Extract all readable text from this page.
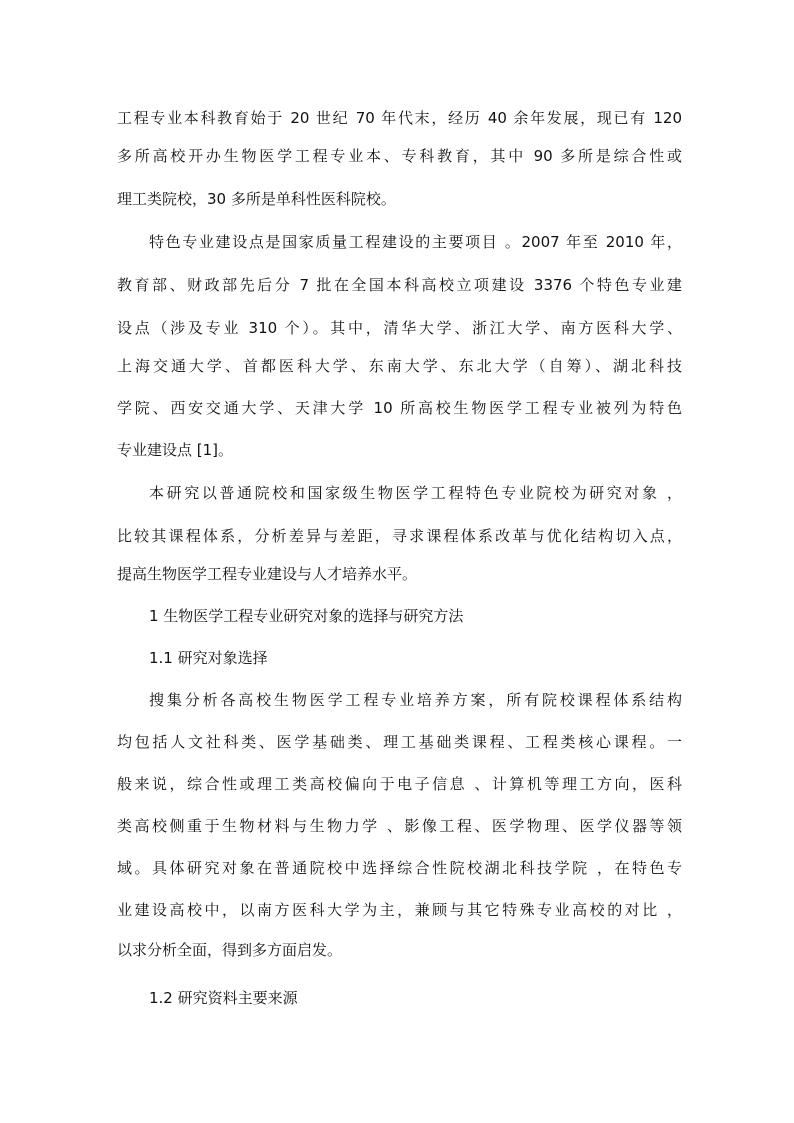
工程专业本科教育始于 20 世纪 70 年代末，经历 40 余年发展，现已有 120
多所高校开办生物医学工程专业本、专科教育，其中 90 多所是综合性或
理工类院校，30 多所是单科性医科院校。
特色专业建设点是国家质量工程建设的主要项目 。2007 年至 2010 年，
教育部、财政部先后分 7 批在全国本科高校立项建设 3376 个特色专业建
设点（涉及专业 310 个）。其中，清华大学、浙江大学、南方医科大学、
上海交通大学、首都医科大学、东南大学、东北大学（自筹）、湖北科技
学院、西安交通大学、天津大学 10 所高校生物医学工程专业被列为特色
专业建设点 [1]。
本研究以普通院校和国家级生物医学工程特色专业院校为研究对象 ，
比较其课程体系，分析差异与差距，寻求课程体系改革与优化结构切入点，
提高生物医学工程专业建设与人才培养水平。
1 生物医学工程专业研究对象的选择与研究方法
1.1 研究对象选择
搜集分析各高校生物医学工程专业培养方案，所有院校课程体系结构
均包括人文社科类、医学基础类、理工基础类课程、工程类核心课程。一
般来说，综合性或理工类高校偏向于电子信息 、计算机等理工方向，医科
类高校侧重于生物材料与生物力学 、影像工程、医学物理、医学仪器等领
域。具体研究对象在普通院校中选择综合性院校湖北科技学院 ，在特色专
业建设高校中，以南方医科大学为主，兼顾与其它特殊专业高校的对比 ，
以求分析全面，得到多方面启发。
1.2 研究资料主要来源
